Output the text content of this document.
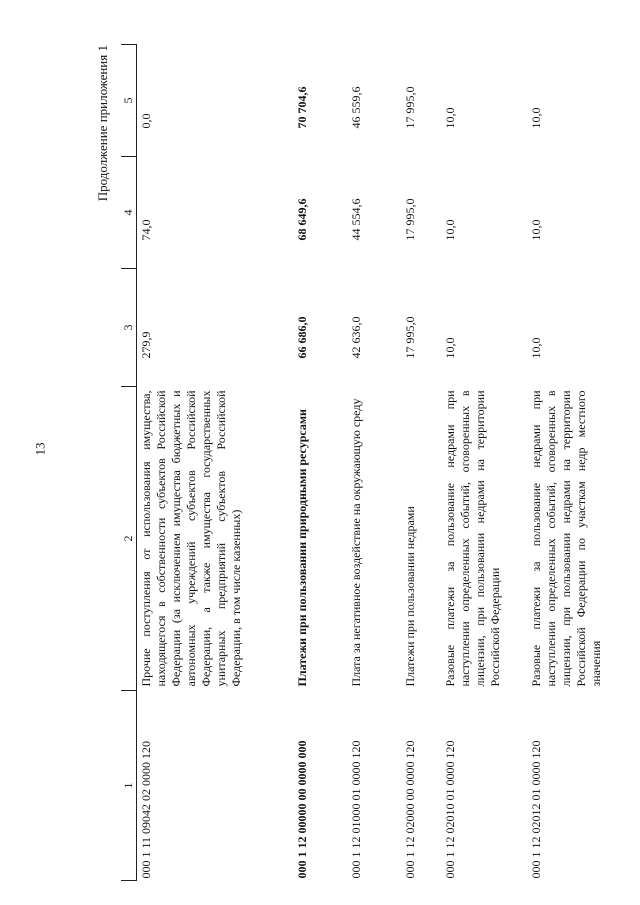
13
Продолжение приложения 1
1	2	3	4	5
000 1 11 09042 02 0000 120	Прочие поступления от использования имущества, находящегося в собственности субъектов Российской Федерации (за исключением имущества бюджетных и автономных учреждений субъектов Российской Федерации, а также имущества государственных унитарных предприятий субъектов Российской Федерации, в том числе казенных)	279,9	74,0	0,0
000 1 12 00000 00 0000 000	Платежи при пользовании природными ресурсами	66 686,0	68 649,6	70 704,6
000 1 12 01000 01 0000 120	Плата за негативное воздействие на окружающую среду	42 636,0	44 554,6	46 559,6
000 1 12 02000 00 0000 120	Платежи при пользовании недрами	17 995,0	17 995,0	17 995,0
000 1 12 02010 01 0000 120	Разовые платежи за пользование недрами при наступлении определенных событий, оговоренных в лицензии, при пользовании недрами на территории Российской Федерации	10,0	10,0	10,0
000 1 12 02012 01 0000 120	Разовые платежи за пользование недрами при наступлении определенных событий, оговоренных в лицензии, при пользовании недрами на территории Российской Федерации по участкам недр местного значения	10,0	10,0	10,0
